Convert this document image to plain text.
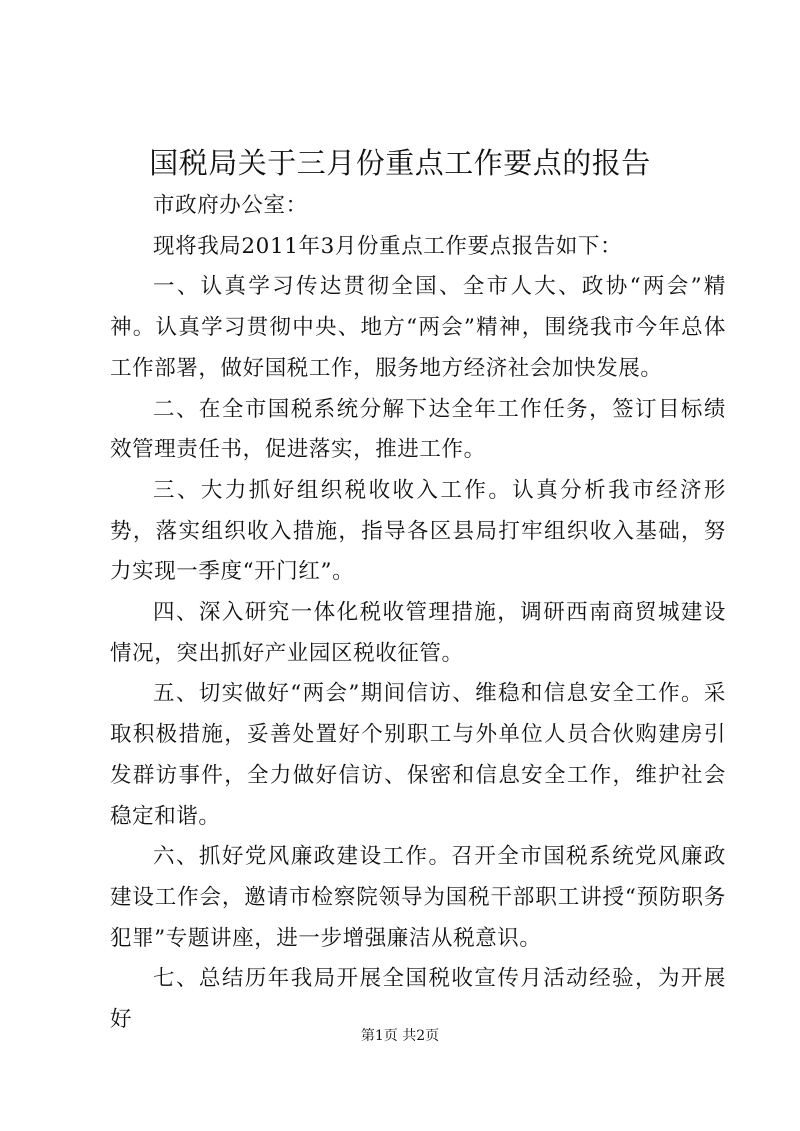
国税局关于三月份重点工作要点的报告

市政府办公室：

现将我局2011年3月份重点工作要点报告如下：

一、认真学习传达贯彻全国、全市人大、政协“两会”精神。认真学习贯彻中央、地方“两会”精神，围绕我市今年总体工作部署，做好国税工作，服务地方经济社会加快发展。

二、在全市国税系统分解下达全年工作任务，签订目标绩效管理责任书，促进落实，推进工作。

三、大力抓好组织税收收入工作。认真分析我市经济形势，落实组织收入措施，指导各区县局打牢组织收入基础，努力实现一季度“开门红”。

四、深入研究一体化税收管理措施，调研西南商贸城建设情况，突出抓好产业园区税收征管。

五、切实做好“两会”期间信访、维稳和信息安全工作。采取积极措施，妥善处置好个别职工与外单位人员合伙购建房引发群访事件，全力做好信访、保密和信息安全工作，维护社会稳定和谐。

六、抓好党风廉政建设工作。召开全市国税系统党风廉政建设工作会，邀请市检察院领导为国税干部职工讲授“预防职务犯罪”专题讲座，进一步增强廉洁从税意识。

七、总结历年我局开展全国税收宣传月活动经验，为开展好

第1页 共2页
